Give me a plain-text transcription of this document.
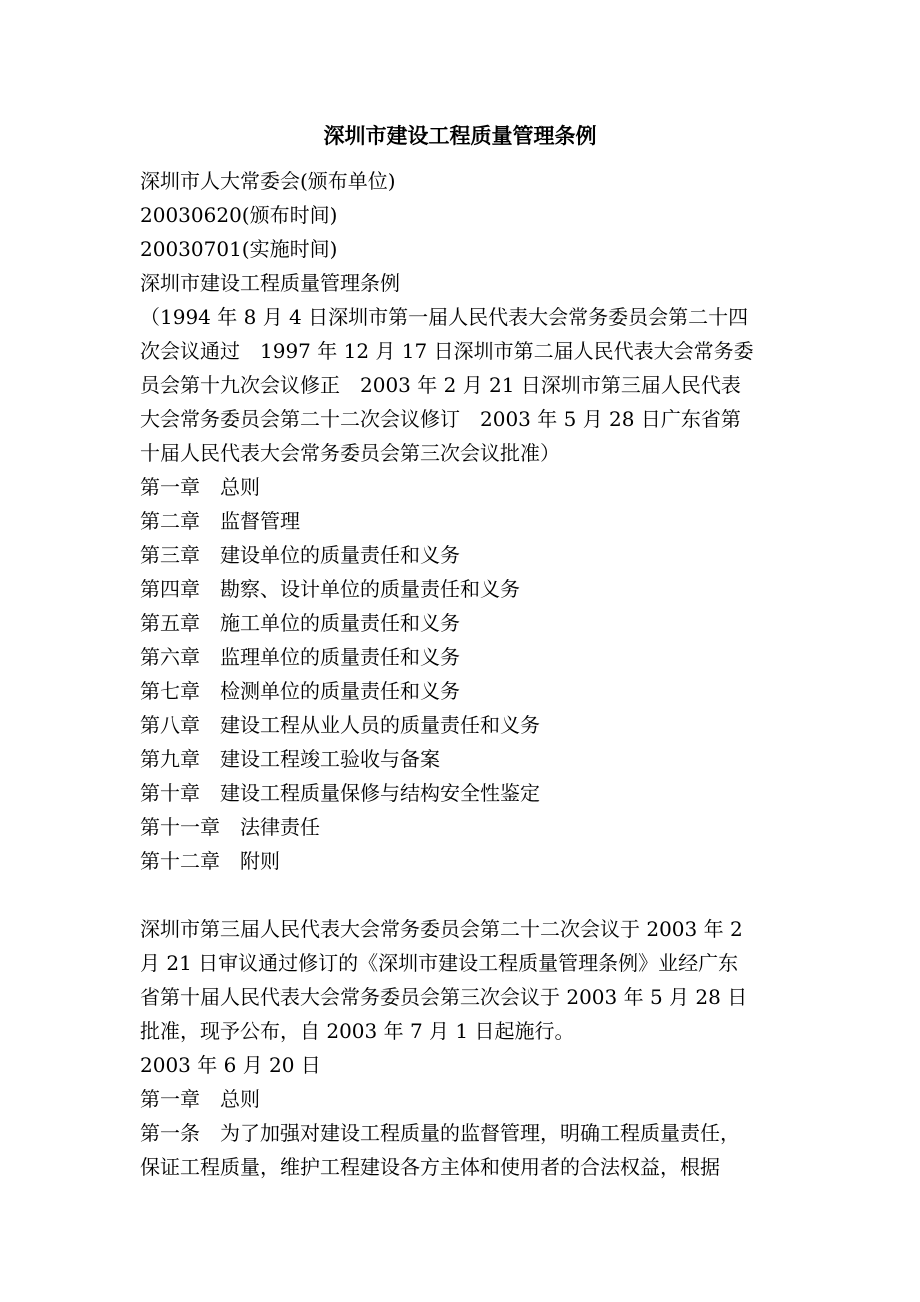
深圳市建设工程质量管理条例
深圳市人大常委会(颁布单位)
20030620(颁布时间)
20030701(实施时间)
深圳市建设工程质量管理条例
（1994 年 8 月 4 日深圳市第一届人民代表大会常务委员会第二十四
次会议通过　1997 年 12 月 17 日深圳市第二届人民代表大会常务委
员会第十九次会议修正　2003 年 2 月 21 日深圳市第三届人民代表
大会常务委员会第二十二次会议修订　2003 年 5 月 28 日广东省第
十届人民代表大会常务委员会第三次会议批准）
第一章　总则
第二章　监督管理
第三章　建设单位的质量责任和义务
第四章　勘察、设计单位的质量责任和义务
第五章　施工单位的质量责任和义务
第六章　监理单位的质量责任和义务
第七章　检测单位的质量责任和义务
第八章　建设工程从业人员的质量责任和义务
第九章　建设工程竣工验收与备案
第十章　建设工程质量保修与结构安全性鉴定
第十一章　法律责任
第十二章　附则
深圳市第三届人民代表大会常务委员会第二十二次会议于 2003 年 2
月 21 日审议通过修订的《深圳市建设工程质量管理条例》业经广东
省第十届人民代表大会常务委员会第三次会议于 2003 年 5 月 28 日
批准，现予公布，自 2003 年 7 月 1 日起施行。
2003 年 6 月 20 日
第一章　总则
第一条　为了加强对建设工程质量的监督管理，明确工程质量责任，
保证工程质量，维护工程建设各方主体和使用者的合法权益，根据
